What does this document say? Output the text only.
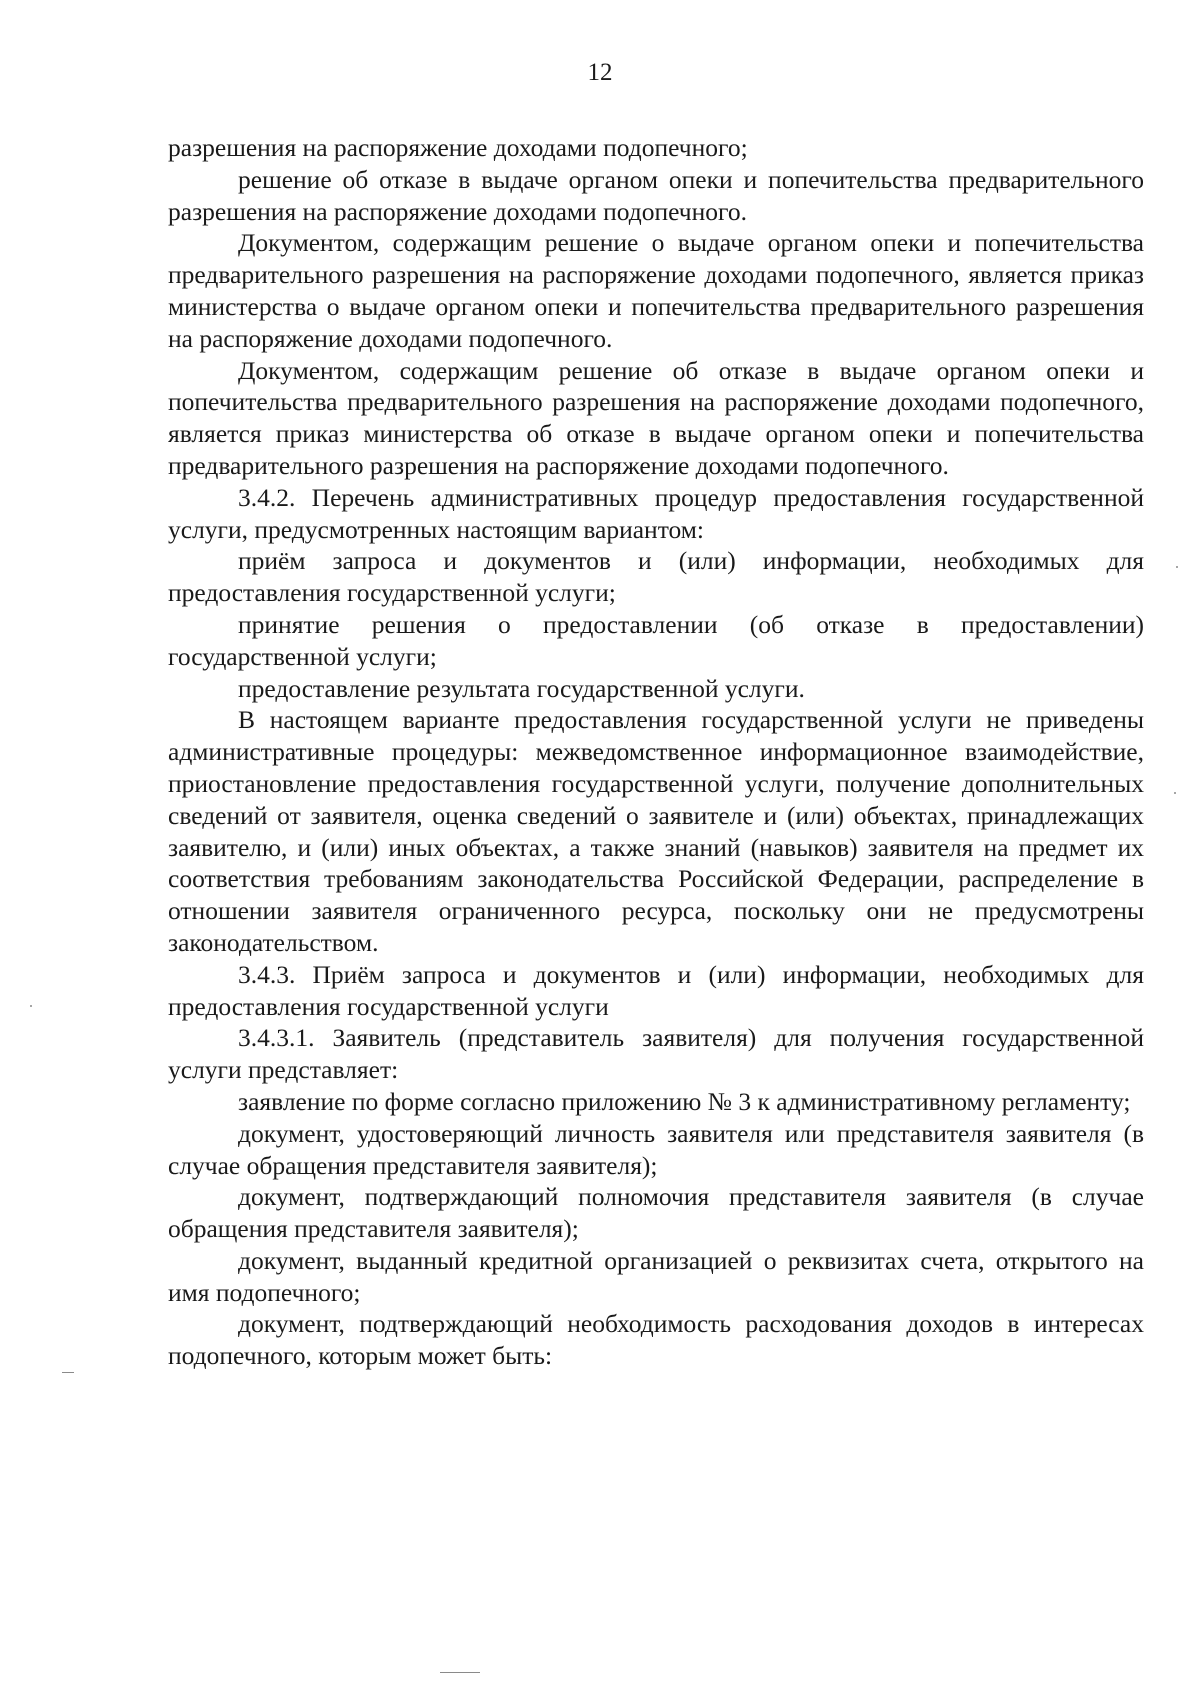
12

разрешения на распоряжение доходами подопечного;

решение об отказе в выдаче органом опеки и попечительства предварительного разрешения на распоряжение доходами подопечного.

Документом, содержащим решение о выдаче органом опеки и попечительства предварительного разрешения на распоряжение доходами подопечного, является приказ министерства о выдаче органом опеки и попечительства предварительного разрешения на распоряжение доходами подопечного.

Документом, содержащим решение об отказе в выдаче органом опеки и попечительства предварительного разрешения на распоряжение доходами подопечного, является приказ министерства об отказе в выдаче органом опеки и попечительства предварительного разрешения на распоряжение доходами подопечного.

3.4.2. Перечень административных процедур предоставления государственной услуги, предусмотренных настоящим вариантом:

приём запроса и документов и (или) информации, необходимых для предоставления государственной услуги;

принятие решения о предоставлении (об отказе в предоставлении) государственной услуги;

предоставление результата государственной услуги.

В настоящем варианте предоставления государственной услуги не приведены административные процедуры: межведомственное информационное взаимодействие, приостановление предоставления государственной услуги, получение дополнительных сведений от заявителя, оценка сведений о заявителе и (или) объектах, принадлежащих заявителю, и (или) иных объектах, а также знаний (навыков) заявителя на предмет их соответствия требованиям законодательства Российской Федерации, распределение в отношении заявителя ограниченного ресурса, поскольку они не предусмотрены законодательством.

3.4.3. Приём запроса и документов и (или) информации, необходимых для предоставления государственной услуги

3.4.3.1. Заявитель (представитель заявителя) для получения государственной услуги представляет:

заявление по форме согласно приложению № 3 к административному регламенту;

документ, удостоверяющий личность заявителя или представителя заявителя (в случае обращения представителя заявителя);

документ, подтверждающий полномочия представителя заявителя (в случае обращения представителя заявителя);

документ, выданный кредитной организацией о реквизитах счета, открытого на имя подопечного;

документ, подтверждающий необходимость расходования доходов в интересах подопечного, которым может быть:
